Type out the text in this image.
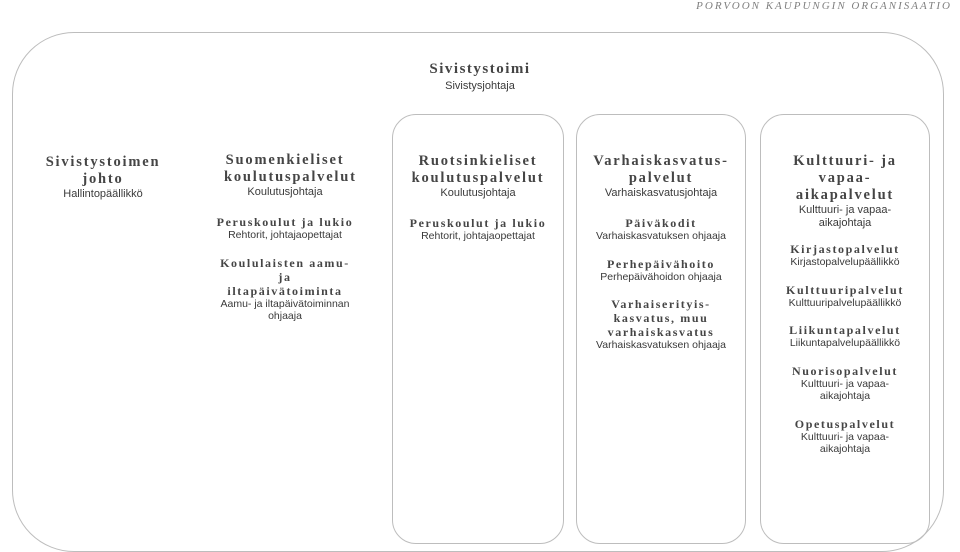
PORVOON KAUPUNGIN ORGANISAATIO
Sivistystoimi
Sivistysjohtaja
Sivistystoimen johto
Hallintopäällikkö
Suomenkieliset koulutuspalvelut
Koulutusjohtaja
Peruskoulut ja lukio
Rehtorit, johtajaopettajat
Koululaisten aamu- ja iltapäivätoiminta
Aamu- ja iltapäivätoiminnan ohjaaja
Ruotsinkieliset koulutuspalvelut
Koulutusjohtaja
Peruskoulut ja lukio
Rehtorit, johtajaopettajat
Varhaiskasvatus-palvelut
Varhaiskasvatusjohtaja
Päiväkodit
Varhaiskasvatuksen ohjaaja
Perhepäivähoito
Perhepäivähoidon ohjaaja
Varhaiserityis-kasvatus, muu varhaiskasvatus
Varhaiskasvatuksen ohjaaja
Kulttuuri- ja vapaa-aikapalvelut
Kulttuuri- ja vapaa-aikajohtaja
Kirjastopalvelut
Kirjastopalvelupäällikkö
Kulttuuripalvelut
Kulttuuripalvelupäällikkö
Liikuntapalvelut
Liikuntapalvelupäällikkö
Nuorisopalvelut
Kulttuuri- ja vapaa-aikajohtaja
Opetuspalvelut
Kulttuuri- ja vapaa-aikajohtaja
